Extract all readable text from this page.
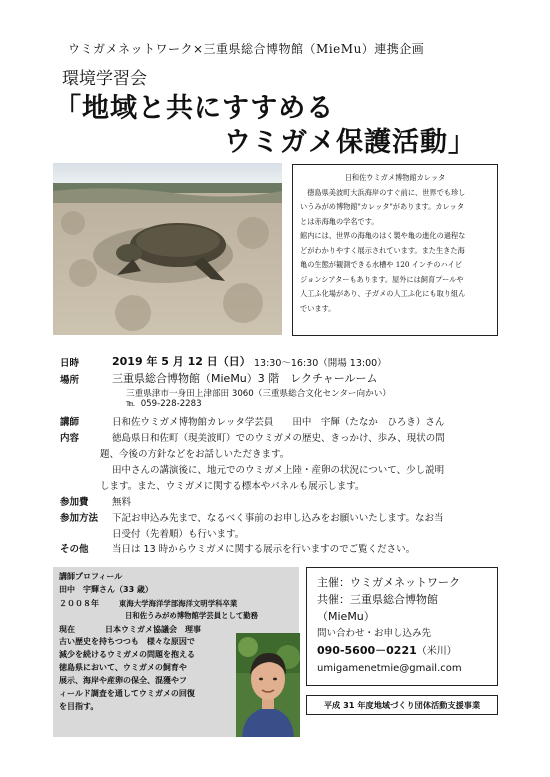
ウミガメネットワーク×三重県総合博物館（MieMu）連携企画
環境学習会
「地域と共にすすめる
ウミガメ保護活動」
日和佐ウミガメ博物館カレッタ

　徳島県美波町大浜海岸のすぐ前に、世界でも珍し

いうみがめ博物館"カレッタ"があります。カレッタ

とは赤海亀の学名です。

館内には、世界の海亀のはく製や亀の進化の過程な

どがわかりやすく展示されています。また生きた海

亀の生態が観測できる水槽や 120 インチのハイビ

ジョンシアターもあります。屋外には飼育プールや

人工ふ化場があり、子ガメの人工ふ化にも取り組ん

でいます。

日時	2019 年 5 月 12 日（日） 13:30～16:30（開場 13:00）
場所	三重県総合博物館（MieMu）3 階　レクチャールーム
三重県津市一身田上津部田 3060（三重県総合文化センター向かい）
℡ 059-228-2283
講師	日和佐ウミガメ博物館カレッタ学芸員　　田中　宇輝（たなか　ひろき）さん
内容	徳島県日和佐町（現美波町）でのウミガメの歴史、きっかけ、歩み、現状の問
題、今後の方針などをお話しいただきます。
田中さんの講演後に、地元でのウミガメ上陸・産卵の状況について、少し説明
します。また、ウミガメに関する標本やパネルも展示します。
参加費 無料
参加方法 下記お申込み先まで、なるべく事前のお申し込みをお願いいたします。なお当
日受付（先着順）も行います。
その他 当日は 13 時からウミガメに関する展示を行いますのでご覧ください。
講師プロフィール
田中　宇輝さん（33 歳）
２００８年	東海大学海洋学部海洋文明学科卒業
日和佐うみがめ博物館学芸員として勤務
現在	日本ウミガメ協議会　理事
古い歴史を持ちつつも　様々な原因で
減少を続けるウミガメの問題を抱える
徳島県において、ウミガメの飼育や
展示、海岸や産卵の保全、混獲やフ
ィールド調査を通してウミガメの回復
を目指す。
主催：ウミガメネットワーク
共催：三重県総合博物館
（MieMu）
問い合わせ・お申し込み先
090-5600－0221（米川）
umigamenetmie@gmail.com
平成 31 年度地域づくり団体活動支援事業
